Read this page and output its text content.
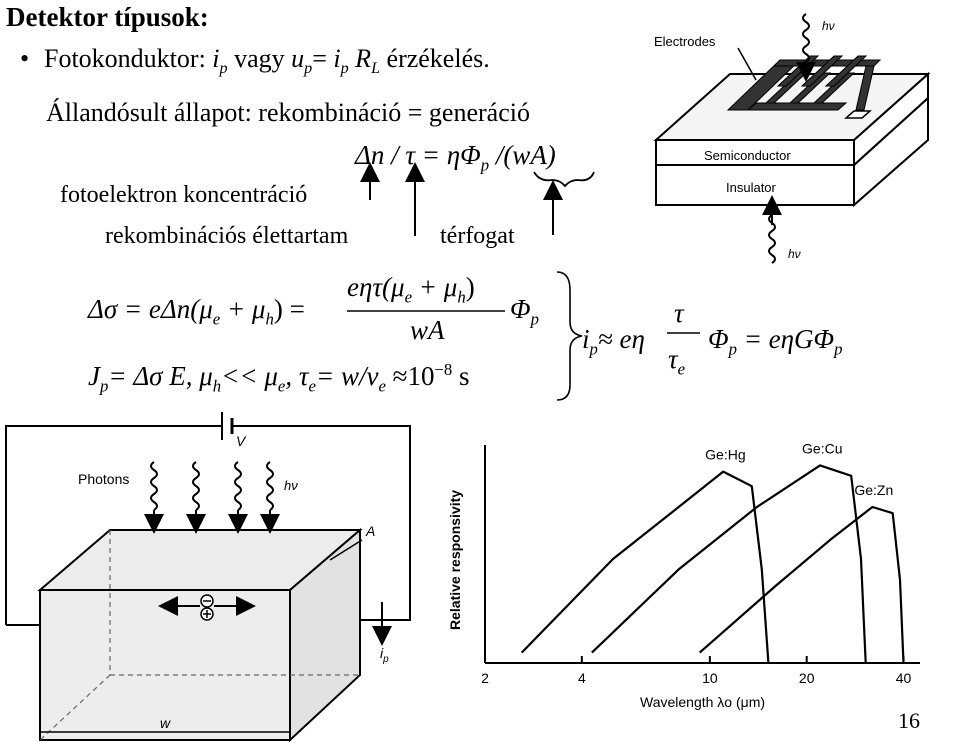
Detektor típusok:
• Fotokonduktor: $i_p$ vagy $u_p= i_p$ $R_L$ érzékelés.
Állandósult állapot: rekombináció = generáció
$\Delta n / \tau = \eta\Phi_p$ /(wA)
fotoelektron koncentráció
rekombinációs élettartam	térfogat
$\Delta\sigma = e\Delta n(\mu_e + \mu_h)$ =
$e\eta\tau(\mu_e + \mu_h)$
wA
$\Phi_p$
$J_p= \Delta\sigma$ E, $\mu_h<< \mu_e$, $\tau_e= w/v_e \approx 10^{-8}$ s
$i_p\approx e\eta$
τ
$\tau_e$
$\Phi_p = e\eta G\Phi_p$
Electrodes
Semiconductor
Insulator
hν
hν
V
$i_p$
Photons	hν
A
w
2	4	10	20	40
Ge:Hg	Ge:Cu
Ge:Zn
Relative responsivity
Wavelength λo (μm)
16
